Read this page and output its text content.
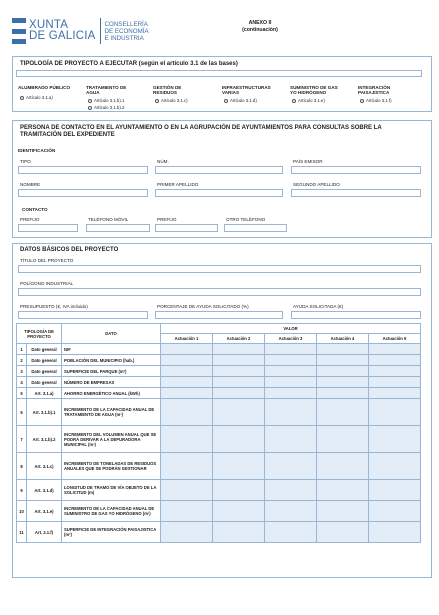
XUNTA
DE GALICIA
CONSELLERÍA
DE ECONOMÍA
E INDUSTRIA
ANEXO II
(continuación)
TIPOLOGÍA DE PROYECTO A EJECUTAR (según el artículo 3.1 de las bases)
ALUMBRADO PÚBLICO
Artículo 3.1.a)
TRATAMIENTO DE AGUA
Artículo 3.1.b).1
Artículo 3.1.b).2
GESTIÓN DE RESIDUOS
Artículo 3.1.c)
INFRAESTRUCTURAS VARIAS
Artículo 3.1.d)
SUMINISTRO DE GAS YO HIDRÓGENO
Artículo 3.1.e)
INTEGRACIÓN PAISAJISTICA
Artículo 3.1.f)
PERSONA DE CONTACTO EN EL AYUNTAMIENTO O EN LA AGRUPACIÓN DE AYUNTAMIENTOS PARA CONSULTAS SOBRE LA TRAMITACIÓN DEL EXPEDIENTE
IDENTIFICACIÓN
TIPO	NÚM.	PAÍS EMISOR
NOMBRE	PRIMER APELLIDO	SEGUNDO APELLIDO
CONTACTO
PREFIJO	TELÉFONO MÓVIL	PREFIJO	OTRO TELÉFONO
DATOS BÁSICOS DEL PROYECTO
TÍTULO DEL PROYECTO
POLÍGONO INDUSTRIAL
PRESUPUESTO (€, IVA incluido)	PORCENTAJE DE AYUDA SOLICITADO (%)	AYUDA SOLICITADA (€)
TIPOLOGÍA DE PROYECTO		DATO	VALOR				
			Actuación 1	Actuación 2	Actuación 3	Actuación 4	Actuación 5
1	Dato general	NIF					
2	Dato general	POBLACIÓN DEL MUNICIPIO (hab.)					
3	Dato general	SUPERFICIE DEL PARQUE (m²)					
4	Dato general	NÚMERO DE EMPRESAS					
5	Art. 3.1.a)	AHORRO ENERGÉTICO ANUAL (kWh)					
6	Art. 3.1.b).1	INCREMENTO DE LA CAPACIDAD ANUAL DE TRATAMIENTO DE AGUA (m³)					
7	Art. 3.1.b).2	INCREMENTO DEL VOLUMEN ANUAL QUE SE PODRÁ DERIVAR A LA DEPURADORA MUNICIPAL (m³)					
8	Art. 3.1.c)	INCREMENTO DE TONELADAS DE RESIDUOS ANUALES QUE SE PODRÁN GESTIONAR					
9	Art. 3.1.d)	LONGITUD DE TRAMO DE VÍA OBJETO DE LA SOLICITUD (m)					
10	Art. 3.1.e)	INCREMENTO DE LA CAPACIDAD ANUAL DE SUMINISTRO DE GAS YO HIDRÓGENO (m³)					
11	Art. 3.1.f)	SUPERFICIE DE INTEGRACIÓN PAISAJISTICA (m²)					
